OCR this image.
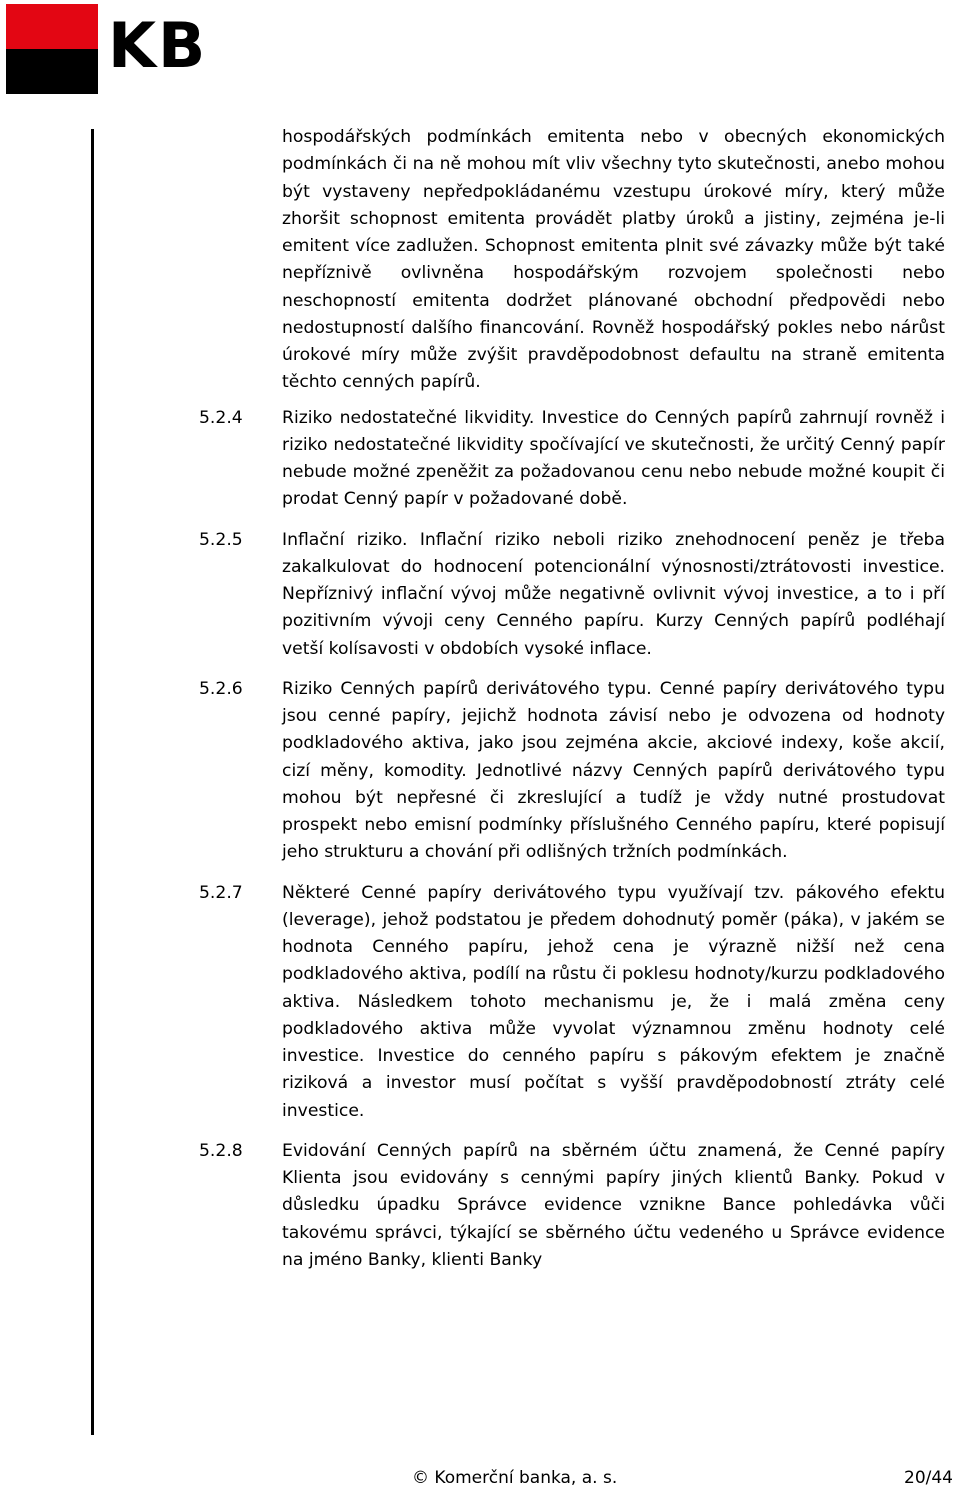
KB
hospodářských podmínkách emitenta nebo v obecných ekonomických podmínkách či na ně mohou mít vliv všechny tyto skutečnosti, anebo mohou být vystaveny nepředpokládanému vzestupu úrokové míry, který může zhoršit schopnost emitenta provádět platby úroků a jistiny, zejména je-li emitent více zadlužen. Schopnost emitenta plnit své závazky může být také nepříznivě ovlivněna hospodářským rozvojem společnosti nebo neschopností emitenta dodržet plánované obchodní předpovědi nebo nedostupností dalšího financování. Rovněž hospodářský pokles nebo nárůst úrokové míry může zvýšit pravděpodobnost defaultu na straně emitenta těchto cenných papírů.
5.2.4 Riziko nedostatečné likvidity. Investice do Cenných papírů zahrnují rovněž i riziko nedostatečné likvidity spočívající ve skutečnosti, že určitý Cenný papír nebude možné zpeněžit za požadovanou cenu nebo nebude možné koupit či prodat Cenný papír v požadované době.
5.2.5 Inflační riziko. Inflační riziko neboli riziko znehodnocení peněz je třeba zakalkulovat do hodnocení potencionální výnosnosti/ztrátovosti investice. Nepříznivý inflační vývoj může negativně ovlivnit vývoj investice, a to i pří pozitivním vývoji ceny Cenného papíru. Kurzy Cenných papírů podléhají vetší kolísavosti v obdobích vysoké inflace.
5.2.6 Riziko Cenných papírů derivátového typu. Cenné papíry derivátového typu jsou cenné papíry, jejichž hodnota závisí nebo je odvozena od hodnoty podkladového aktiva, jako jsou zejména akcie, akciové indexy, koše akcií, cizí měny, komodity. Jednotlivé názvy Cenných papírů derivátového typu mohou být nepřesné či zkreslující a tudíž je vždy nutné prostudovat prospekt nebo emisní podmínky příslušného Cenného papíru, které popisují jeho strukturu a chování při odlišných tržních podmínkách.
5.2.7 Některé Cenné papíry derivátového typu využívají tzv. pákového efektu (leverage), jehož podstatou je předem dohodnutý poměr (páka), v jakém se hodnota Cenného papíru, jehož cena je výrazně nižší než cena podkladového aktiva, podílí na růstu či poklesu hodnoty/kurzu podkladového aktiva. Následkem tohoto mechanismu je, že i malá změna ceny podkladového aktiva může vyvolat významnou změnu hodnoty celé investice. Investice do cenného papíru s pákovým efektem je značně riziková a investor musí počítat s vyšší pravděpodobností ztráty celé investice.
5.2.8 Evidování Cenných papírů na sběrném účtu znamená, že Cenné papíry Klienta jsou evidovány s cennými papíry jiných klientů Banky. Pokud v důsledku úpadku Správce evidence vznikne Bance pohledávka vůči takovému správci, týkající se sběrného účtu vedeného u Správce evidence na jméno Banky, klienti Banky
© Komerční banka, a. s.	20/44
